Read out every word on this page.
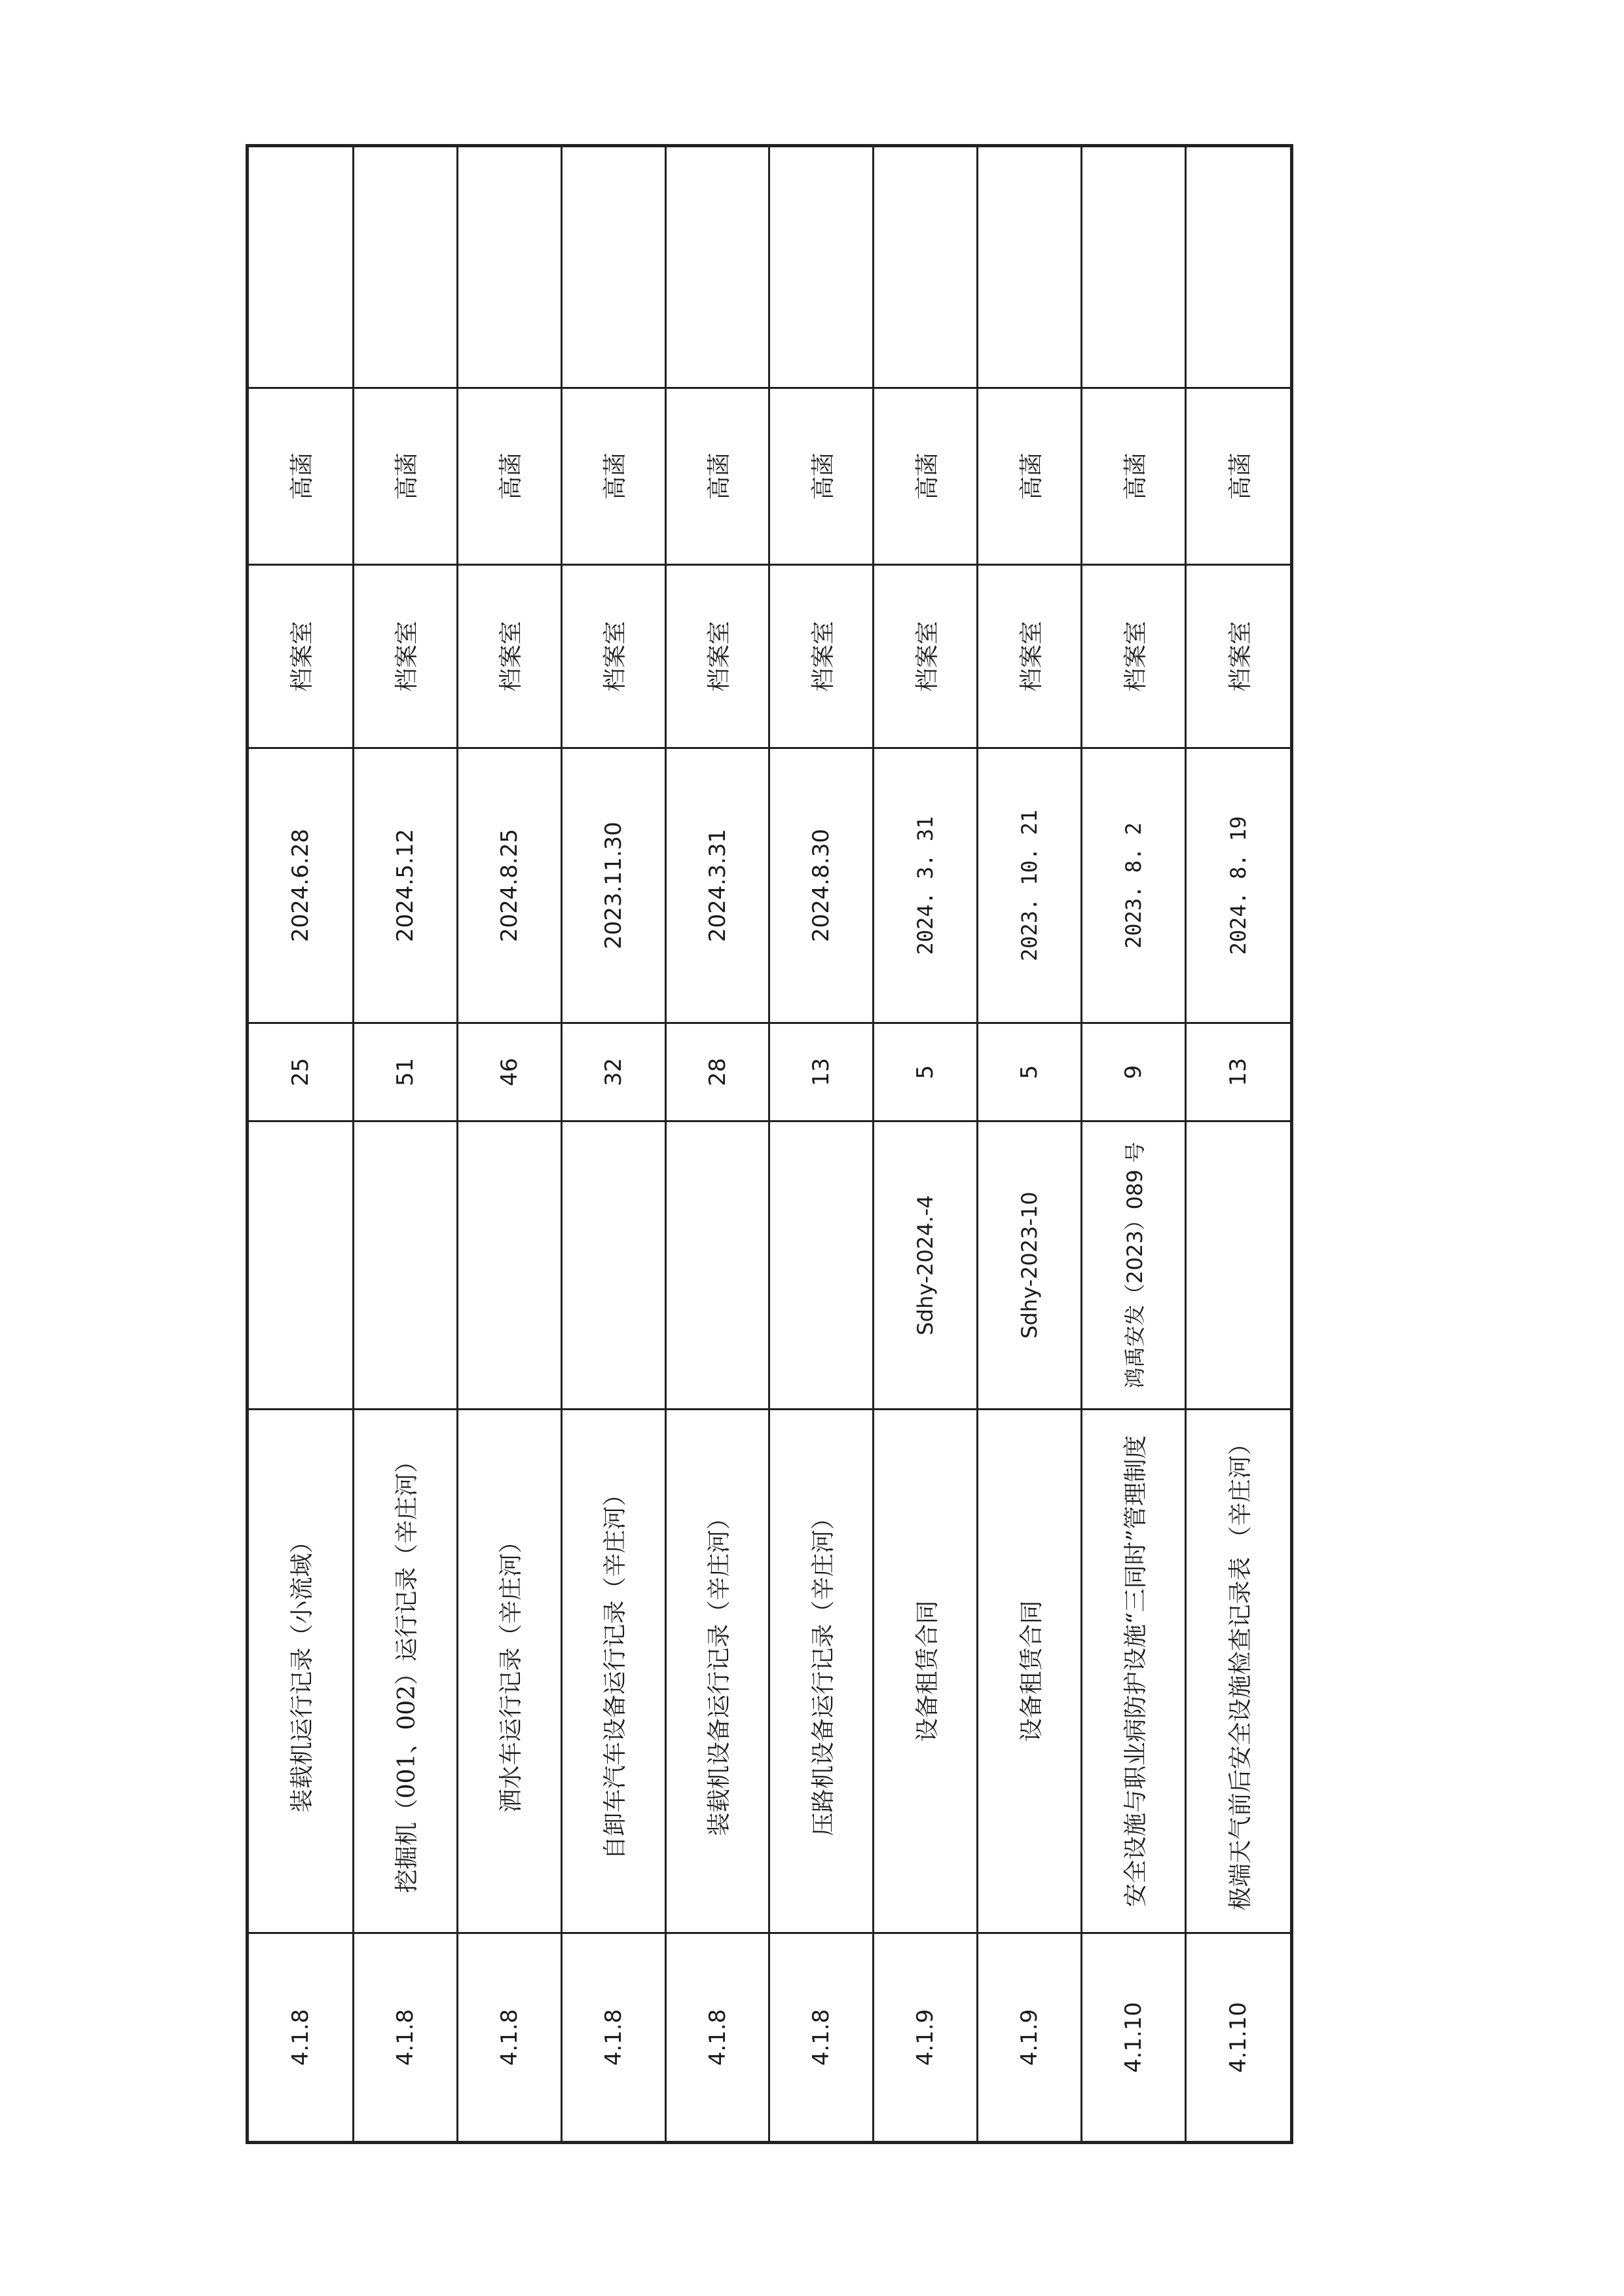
4.1.8	装载机运行记录（小流域）		25	2024.6.28	档案室	高菡	
4.1.8	挖掘机（001、002）运行记录（辛庄河）		51	2024.5.12	档案室	高菡	
4.1.8	洒水车运行记录（辛庄河）		46	2024.8.25	档案室	高菡	
4.1.8	自卸车汽车设备运行记录（辛庄河）		32	2023.11.30	档案室	高菡	
4.1.8	装载机设备运行记录（辛庄河）		28	2024.3.31	档案室	高菡	
4.1.8	压路机设备运行记录（辛庄河）		13	2024.8.30	档案室	高菡	
4.1.9	设备租赁合同	Sdhy-2024.-4	5	2024. 3. 31	档案室	高菡	
4.1.9	设备租赁合同	Sdhy-2023-10	5	2023. 10. 21	档案室	高菡	
4.1.10	安全设施与职业病防护设施“三同时”管理制度	鸿禹安发（2023）089 号	9	2023. 8. 2	档案室	高菡	
4.1.10	极端天气前后安全设施检查记录表 （辛庄河）		13	2024. 8. 19	档案室	高菡	
